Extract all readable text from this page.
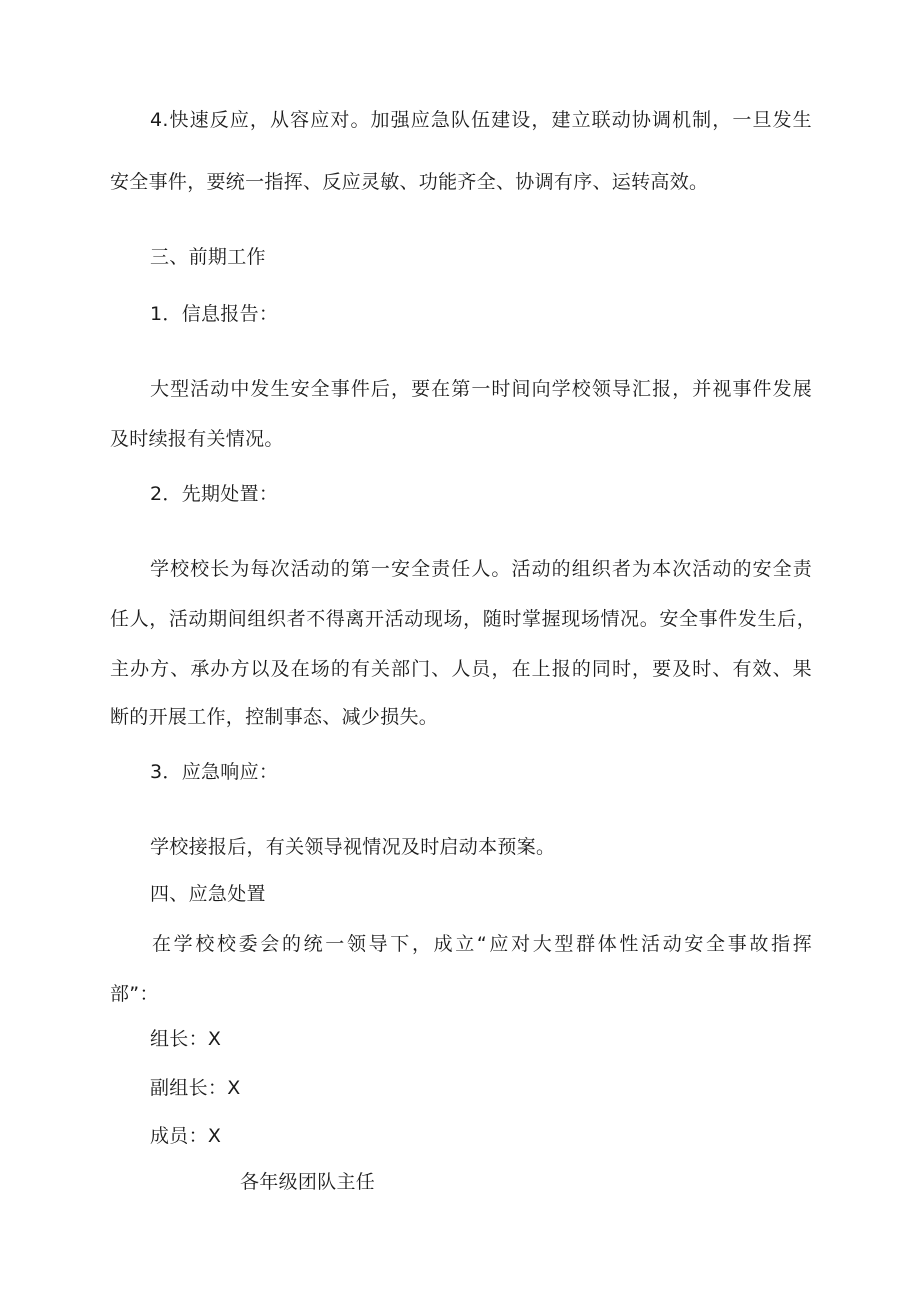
4.快速反应，从容应对。加强应急队伍建设，建立联动协调机制，一旦发生
安全事件，要统一指挥、反应灵敏、功能齐全、协调有序、运转高效。
三、前期工作
1．信息报告：
大型活动中发生安全事件后，要在第一时间向学校领导汇报，并视事件发展
及时续报有关情况。
2．先期处置：
学校校长为每次活动的第一安全责任人。活动的组织者为本次活动的安全责
任人，活动期间组织者不得离开活动现场，随时掌握现场情况。安全事件发生后，
主办方、承办方以及在场的有关部门、人员，在上报的同时，要及时、有效、果
断的开展工作，控制事态、减少损失。
3．应急响应：
学校接报后，有关领导视情况及时启动本预案。
四、应急处置
在学校校委会的统一领导下，成立“应对大型群体性活动安全事故指挥
部”：
组长：X
副组长：X
成员：X
各年级团队主任
